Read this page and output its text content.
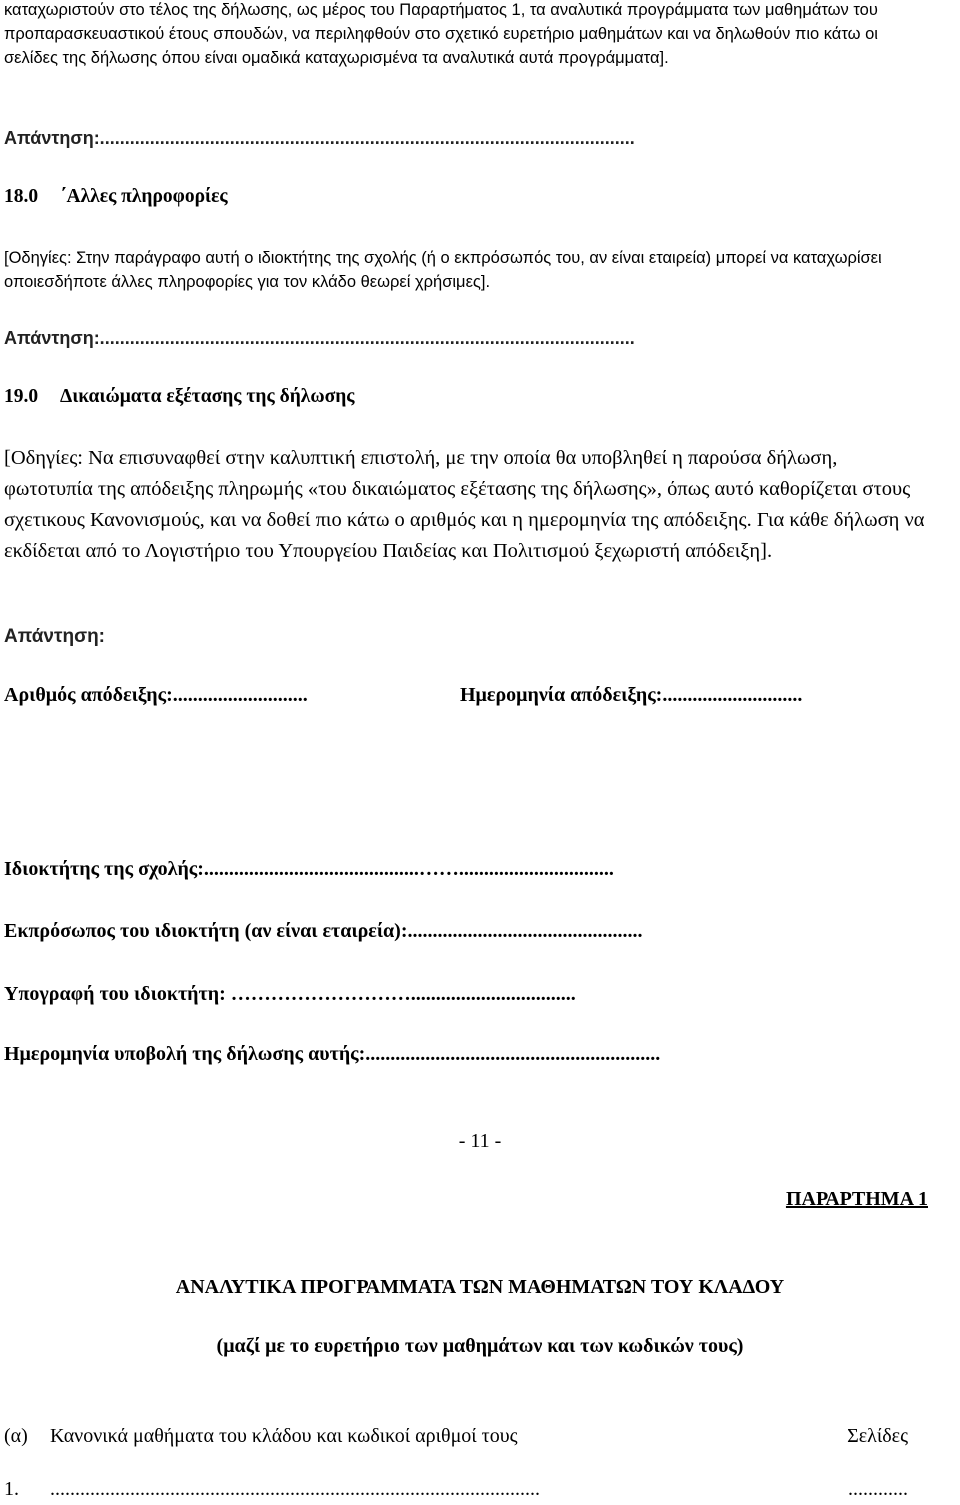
καταχωριστούν στο τέλος της δήλωσης, ως μέρος του Παραρτήματος 1, τα αναλυτικά προγράμματα των μαθημάτων του προπαρασκευαστικού έτους σπουδών, να περιληφθούν στο σχετικό ευρετήριο μαθημάτων και να δηλωθούν πιο κάτω οι σελίδες της δήλωσης όπου είναι ομαδικά καταχωρισμένα τα αναλυτικά αυτά προγράμματα].

Απάντηση:...........................................................................................................
18.0 ΄Αλλες πληροφορίες

[Οδηγίες: Στην παράγραφο αυτή ο ιδιοκτήτης της σχολής (ή ο εκπρόσωπός του, αν είναι εταιρεία) μπορεί να καταχωρίσει οποιεσδήποτε άλλες πληροφορίες για τον κλάδο θεωρεί χρήσιμες].

Απάντηση:...........................................................................................................
19.0 Δικαιώματα εξέτασης της δήλωσης

[Οδηγίες: Να επισυναφθεί στην καλυπτική επιστολή, με την οποία θα υποβληθεί η παρούσα δήλωση, φωτοτυπία της απόδειξης πληρωμής «του δικαιώματος εξέτασης της δήλωσης», όπως αυτό καθορίζεται στους σχετικους Κανονισμούς, και να δοθεί πιο κάτω ο αριθμός και η ημερομηνία της απόδειξης. Για κάθε δήλωση να εκδίδεται από το Λογιστήριο του Υπουργείου Παιδείας και Πολιτισμού ξεχωριστή απόδειξη].

Απάντηση:
Αριθμός απόδειξης:...........................	Ημερομηνία απόδειξης:............................
Ιδιοκτήτης της σχολής:...........................................……...............................
Εκπρόσωπος του ιδιοκτήτη (αν είναι εταιρεία):...............................................
Υπογραφή του ιδιοκτήτη: ……………………….................................
Ημερομηνία υποβολή της δήλωσης αυτής:...........................................................
- 11 -
ΠΑΡΑΡΤΗΜΑ 1
ΑΝΑΛΥΤΙΚΑ ΠΡΟΓΡΑΜΜΑΤΑ ΤΩΝ ΜΑΘΗΜΑΤΩΝ ΤΟΥ ΚΛΑΔΟΥ
(μαζί με το ευρετήριο των μαθημάτων και των κωδικών τους)
(α) Κανονικά μαθήματα του κλάδου και κωδικοί αριθμοί τους	Σελίδες
1. ..................................................................................................	............
